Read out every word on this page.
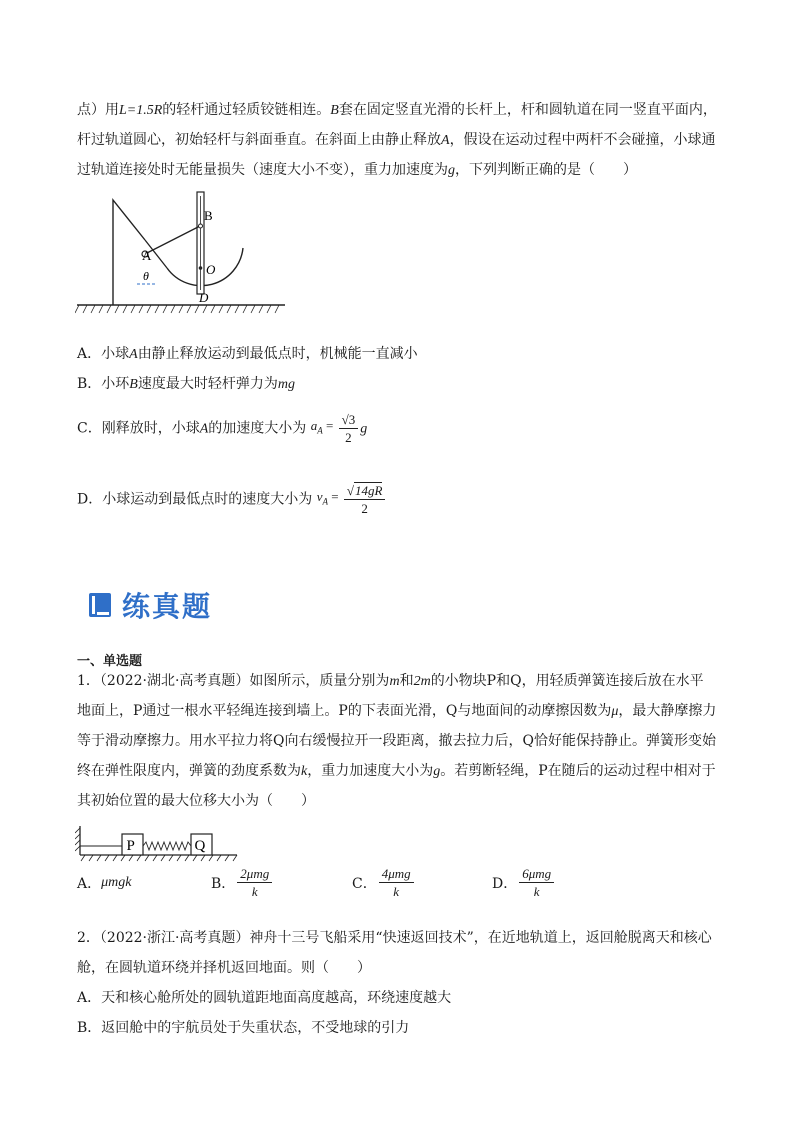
点）用L=1.5R的轻杆通过轻质铰链相连。B套在固定竖直光滑的长杆上，杆和圆轨道在同一竖直平面内，
杆过轨道圆心，初始轻杆与斜面垂直。在斜面上由静止释放A，假设在运动过程中两杆不会碰撞，小球通
过轨道连接处时无能量损失（速度大小不变），重力加速度为g，下列判断正确的是（　　）
A
B
O
D
θ
A．小球A由静止释放运动到最低点时，机械能一直减小
B．小环B速度最大时轻杆弹力为mg
C．刚释放时，小球A的加速度大小为 $a_A = \frac{√3}{2}$ g
D．小球运动到最低点时的速度大小为 $v_A = \frac{√14gR}{2}$
练真题
一、单选题
1．（2022·湖北·高考真题）如图所示，质量分别为m和2m的小物块P和Q，用轻质弹簧连接后放在水平
地面上，P通过一根水平轻绳连接到墙上。P的下表面光滑，Q与地面间的动摩擦因数为μ，最大静摩擦力
等于滑动摩擦力。用水平拉力将Q向右缓慢拉开一段距离，撤去拉力后，Q恰好能保持静止。弹簧形变始
终在弹性限度内，弹簧的劲度系数为k，重力加速度大小为g。若剪断轻绳，P在随后的运动过程中相对于
其初始位置的最大位移大小为（　　）
P	Q
A． μmgk	B． $\frac{\text{2μmg}}{k}$	C． $\frac{\text{4μmg}}{k}$	D． $\frac{\text{6μmg}}{k}$
2．（2022·浙江·高考真题）神舟十三号飞船采用“快速返回技术”，在近地轨道上，返回舱脱离天和核心
舱，在圆轨道环绕并择机返回地面。则（　　）
A．天和核心舱所处的圆轨道距地面高度越高，环绕速度越大
B．返回舱中的宇航员处于失重状态，不受地球的引力
